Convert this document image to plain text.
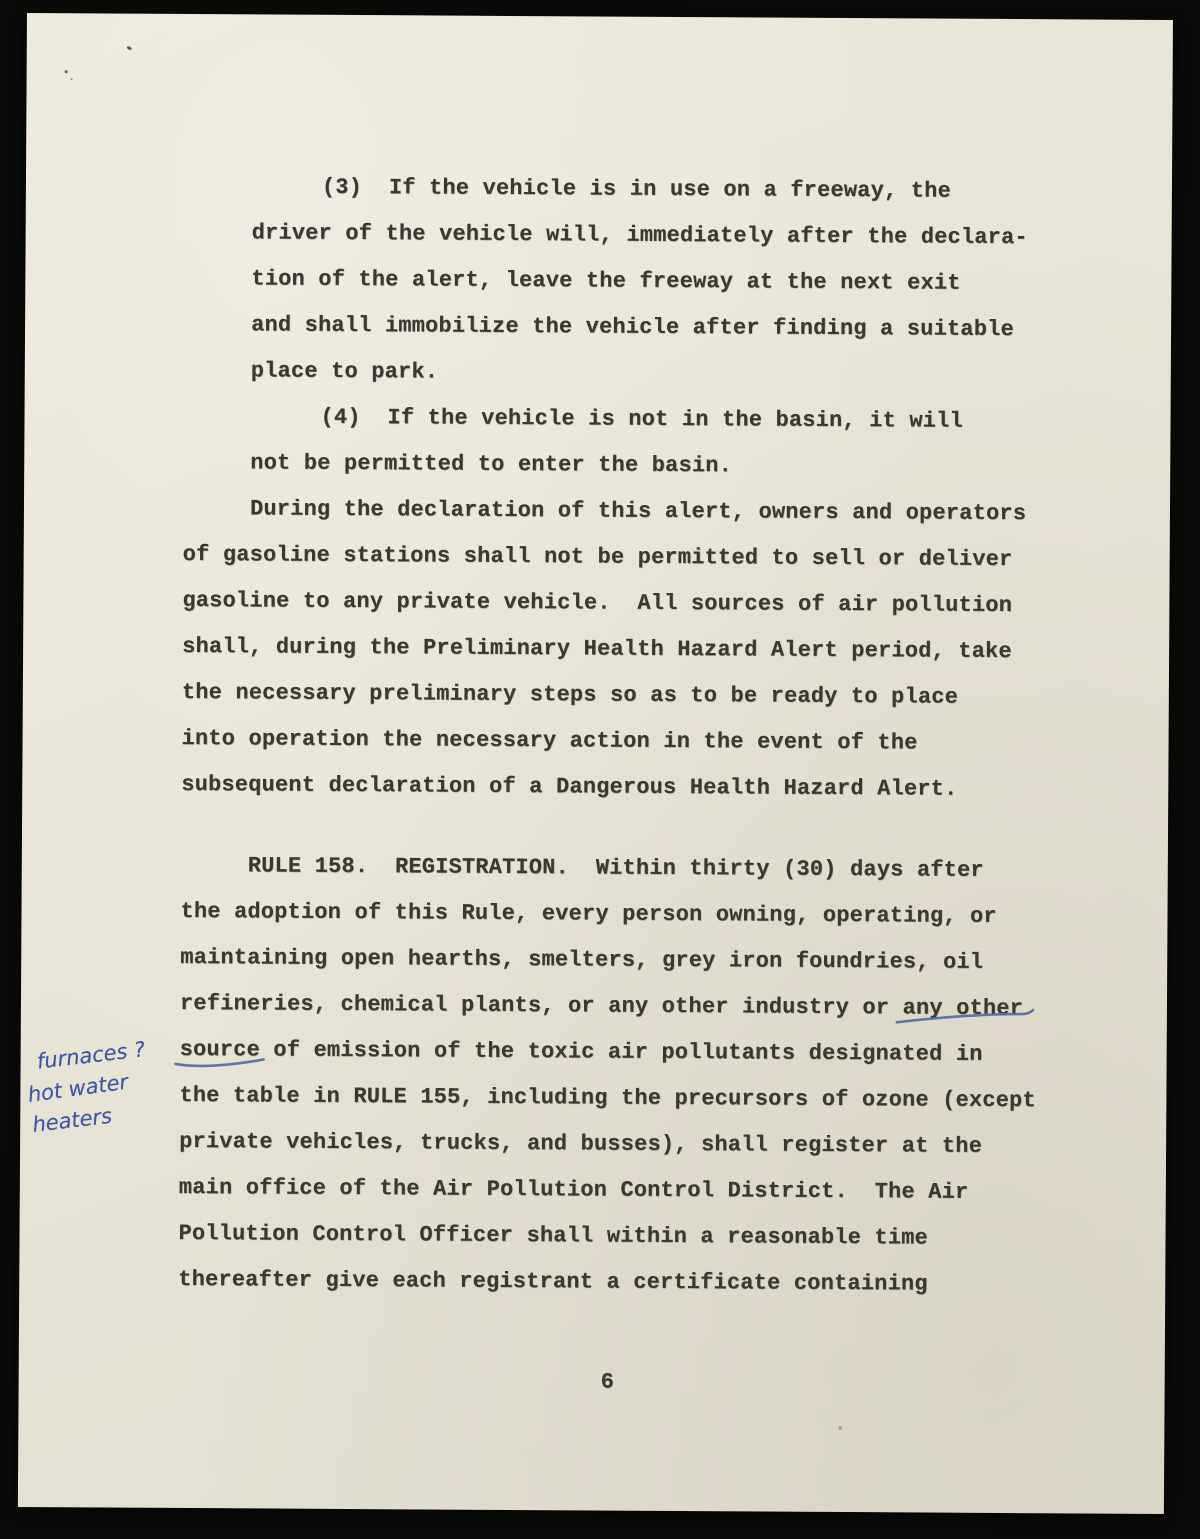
(3)  If the vehicle is in use on a freeway, the
driver of the vehicle will, immediately after the declara-
tion of the alert, leave the freeway at the next exit
and shall immobilize the vehicle after finding a suitable
place to park.
(4)  If the vehicle is not in the basin, it will
not be permitted to enter the basin.
During the declaration of this alert, owners and operators
of gasoline stations shall not be permitted to sell or deliver
gasoline to any private vehicle.  All sources of air pollution
shall, during the Preliminary Health Hazard Alert period, take
the necessary preliminary steps so as to be ready to place
into operation the necessary action in the event of the
subsequent declaration of a Dangerous Health Hazard Alert.
RULE 158.  REGISTRATION.  Within thirty (30) days after
the adoption of this Rule, every person owning, operating, or
maintaining open hearths, smelters, grey iron foundries, oil
refineries, chemical plants, or any other industry or any other
source of emission of the toxic air pollutants designated in
the table in RULE 155, including the precursors of ozone (except
private vehicles, trucks, and busses), shall register at the
main office of the Air Pollution Control District.  The Air
Pollution Control Officer shall within a reasonable time
thereafter give each registrant a certificate containing
furnaces ?
hot water
heaters
6
